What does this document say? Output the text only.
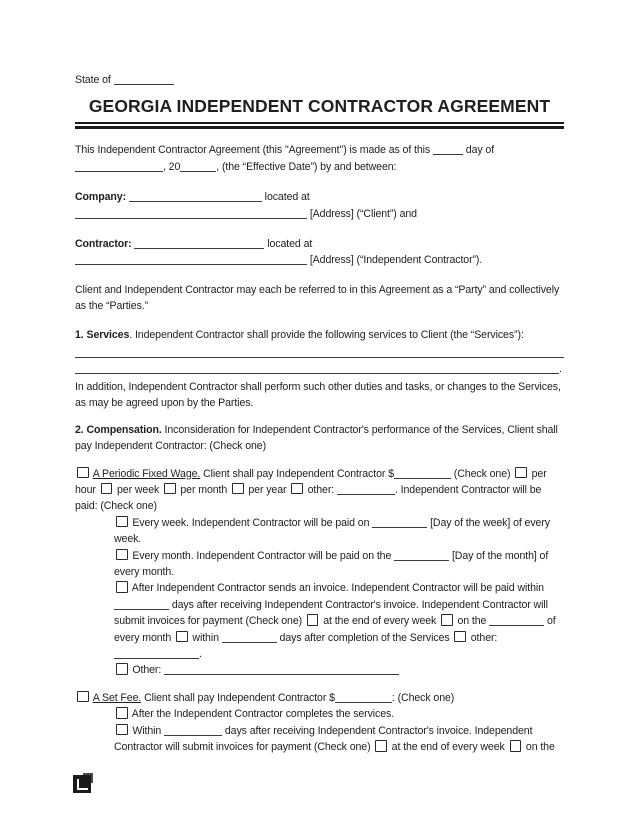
State of
GEORGIA INDEPENDENT CONTRACTOR AGREEMENT
This Independent Contractor Agreement (this "Agreement") is made as of this	day of , 20	, (the “Effective Date”) by and between:
Company:	located at
[Address] (“Client”) and
Contractor:	located at
[Address] (“Independent Contractor”).
Client and Independent Contractor may each be referred to in this Agreement as a “Party” and collectively as the “Parties.”
1. Services. Independent Contractor shall provide the following services to Client (the “Services”):
.
In addition, Independent Contractor shall perform such other duties and tasks, or changes to the Services, as may be agreed upon by the Parties.
2. Compensation. Inconsideration for Independent Contractor's performance of the Services, Client shall pay Independent Contractor: (Check one)
A Periodic Fixed Wage. Client shall pay Independent Contractor $	(Check one)  per hour  per week  per month  per year  other:	. Independent Contractor will be paid: (Check one)
Every week. Independent Contractor will be paid on	[Day of the week] of every week.
Every month. Independent Contractor will be paid on the	[Day of the month] of every month.
After Independent Contractor sends an invoice. Independent Contractor will be paid within  days after receiving Independent Contractor's invoice. Independent Contractor will submit invoices for payment (Check one)  at the end of every week  on the	of every month  within	days after completion of the Services  other:
.
Other:
A Set Fee. Client shall pay Independent Contractor $	: (Check one)
After the Independent Contractor completes the services.
Within	days after receiving Independent Contractor's invoice. Independent Contractor will submit invoices for payment (Check one)  at the end of every week  on the
